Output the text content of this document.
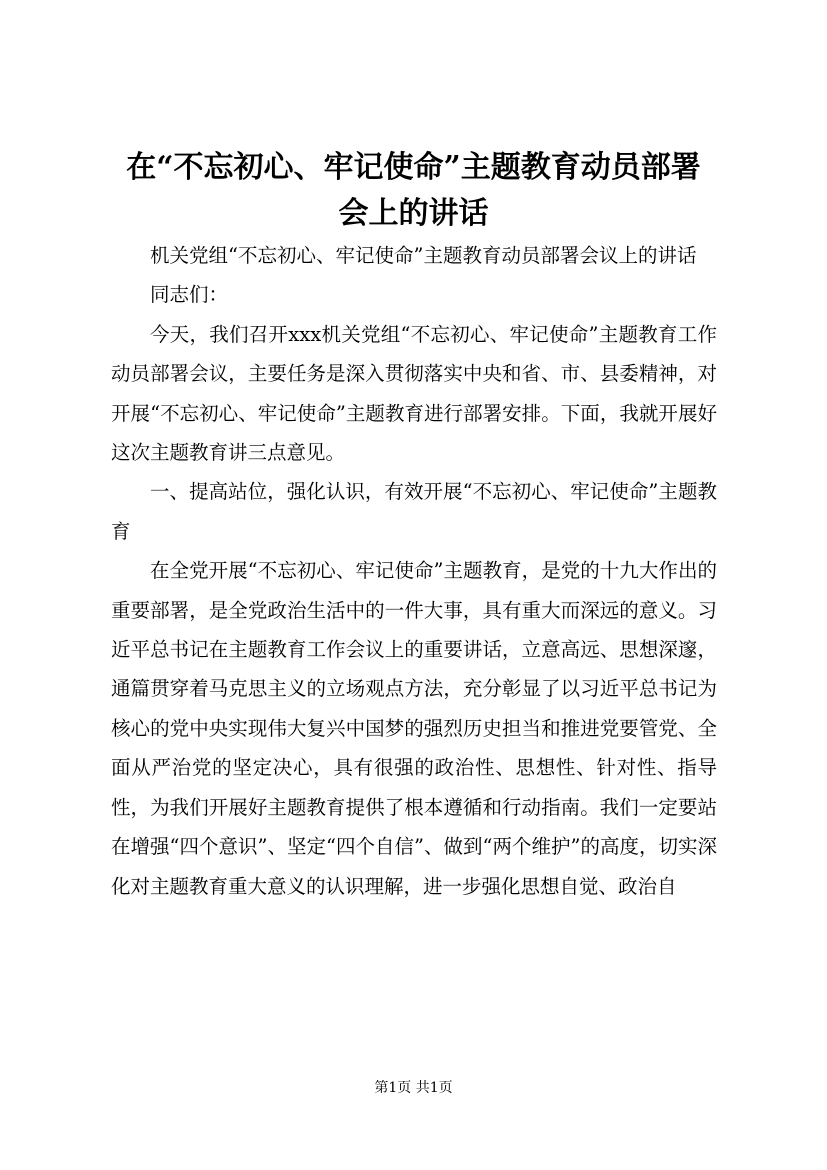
在“不忘初心、牢记使命”主题教育动员部署
会上的讲话

机关党组“不忘初心、牢记使命”主题教育动员部署会议上的讲话

同志们：

今天，我们召开xxx机关党组“不忘初心、牢记使命”主题教育工作动员部署会议，主要任务是深入贯彻落实中央和省、市、县委精神，对开展“不忘初心、牢记使命”主题教育进行部署安排。下面，我就开展好这次主题教育讲三点意见。

一、提高站位，强化认识，有效开展“不忘初心、牢记使命”主题教育

在全党开展“不忘初心、牢记使命”主题教育，是党的十九大作出的重要部署，是全党政治生活中的一件大事，具有重大而深远的意义。习近平总书记在主题教育工作会议上的重要讲话，立意高远、思想深邃，通篇贯穿着马克思主义的立场观点方法，充分彰显了以习近平总书记为核心的党中央实现伟大复兴中国梦的强烈历史担当和推进党要管党、全面从严治党的坚定决心，具有很强的政治性、思想性、针对性、指导性，为我们开展好主题教育提供了根本遵循和行动指南。我们一定要站在增强“四个意识”、坚定“四个自信”、做到“两个维护”的高度，切实深化对主题教育重大意义的认识理解，进一步强化思想自觉、政治自

第1页 共1页
